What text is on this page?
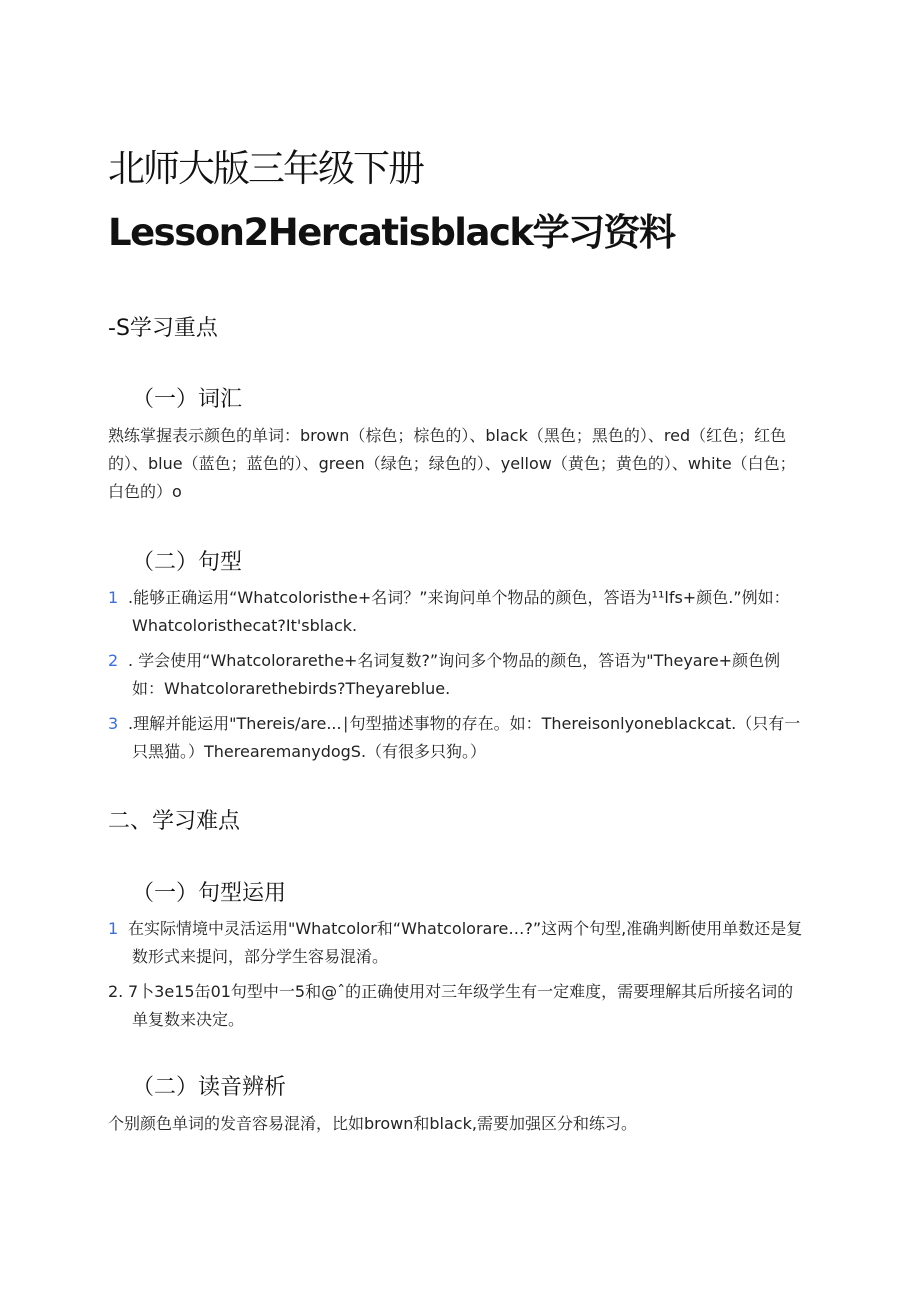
北师大版三年级下册
Lesson2Hercatisblack学习资料
-S学习重点
（一）词汇

熟练掌握表示颜色的单词：brown（棕色；棕色的）、black（黑色；黑色的）、red（红色；红色的）、blue（蓝色；蓝色的）、green（绿色；绿色的）、yellow（黄色；黄色的）、white（白色；白色的）o

（二）句型
1 .能够正确运用“Whatcoloristhe+名词？”来询问单个物品的颜色，答语为¹¹lfs+颜色.”例如：Whatcoloristhecat?It'sblack.
2 . 学会使用“Whatcolorarethe+名词复数?”询问多个物品的颜色，答语为"Theyare+颜色例如：Whatcolorarethebirds?Theyareblue.
3 .理解并能运用"Thereis∕are...∣句型描述事物的存在。如：Thereisonlyoneblackcat.（只有一只黑猫。）TherearemanydogS.（有很多只狗。）
二、学习难点
（一）句型运用
1 在实际情境中灵活运用"Whatcolor和“Whatcolorare…?”这两个句型,准确判断使用单数还是复数形式来提问，部分学生容易混淆。
2. 7卜3e15缶01句型中一5和@ˆ的正确使用对三年级学生有一定难度，需要理解其后所接名词的单复数来决定。
（二）读音辨析

个别颜色单词的发音容易混淆，比如brown和black,需要加强区分和练习。
